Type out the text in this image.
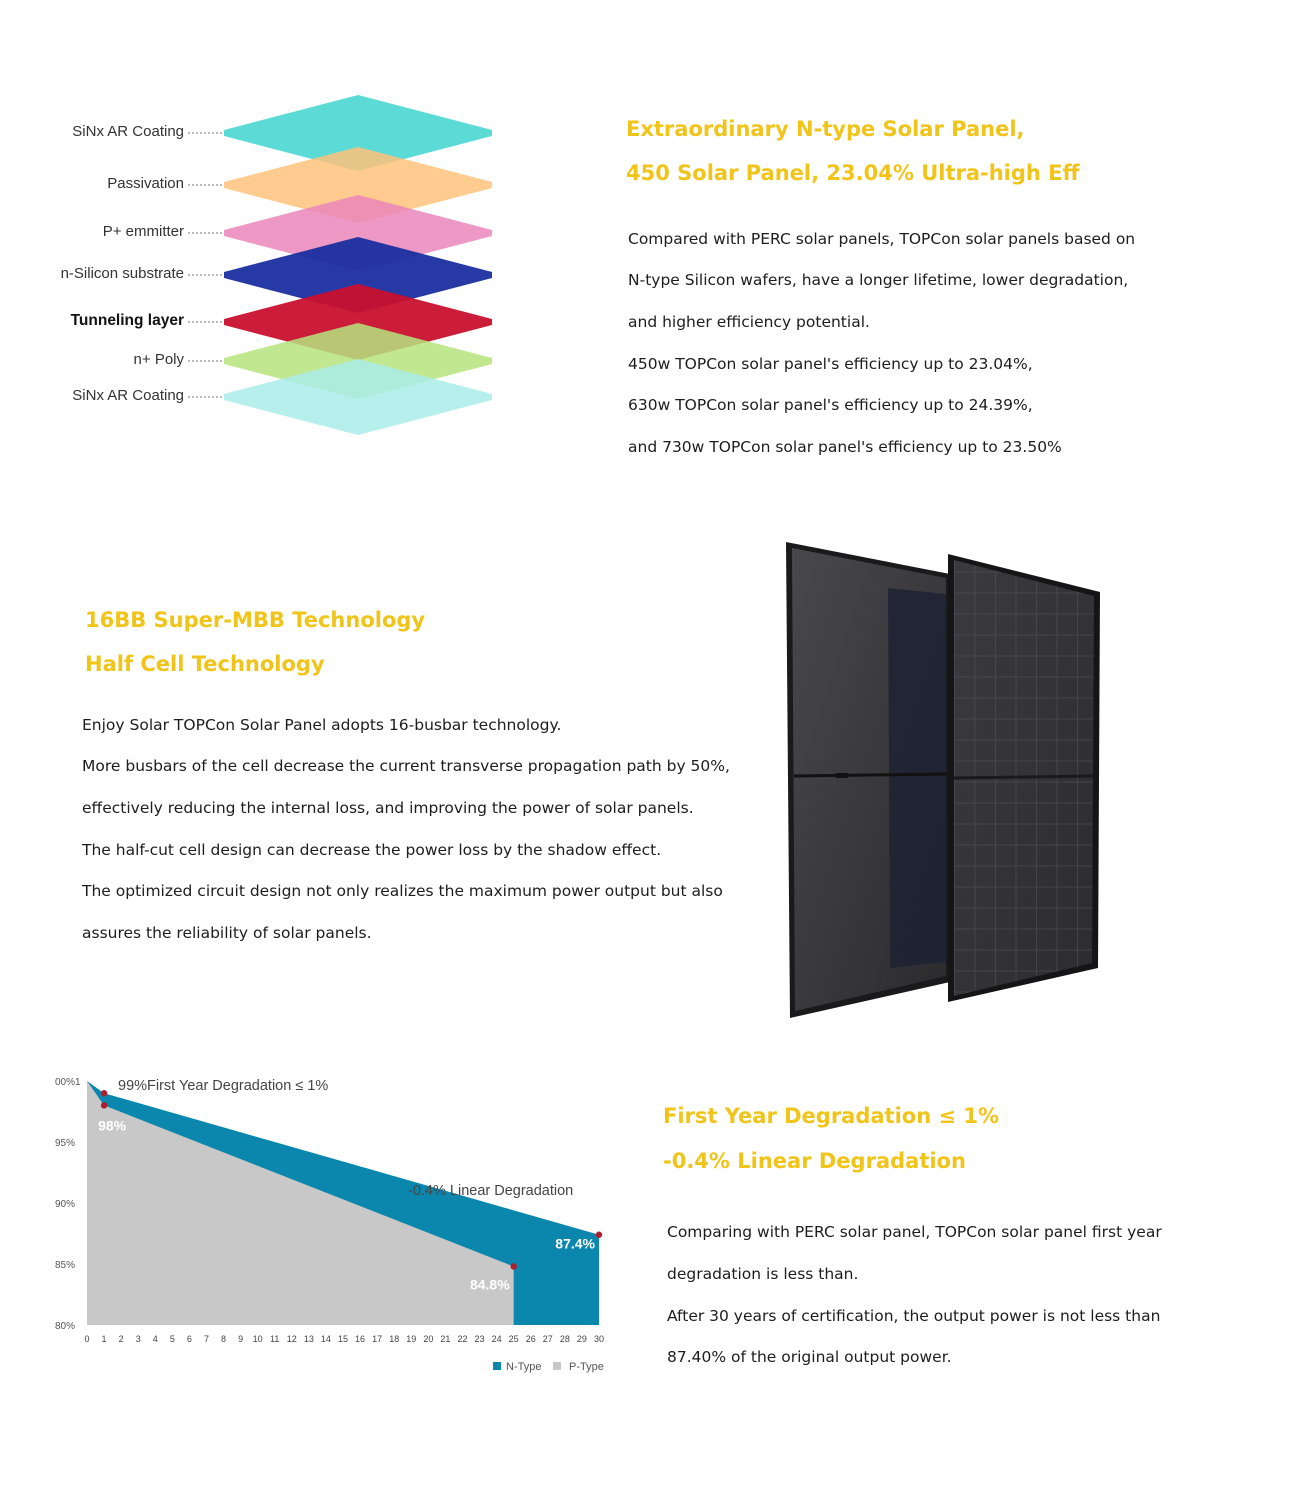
SiNx AR Coating
Passivation
P+ emmitter
n-Silicon substrate
Tunneling layer
n+ Poly
SiNx AR Coating
Extraordinary N-type Solar Panel,
450 Solar Panel, 23.04% Ultra-high Eff

Compared with PERC solar panels, TOPCon solar panels based on

N-type Silicon wafers, have a longer lifetime, lower degradation,

and higher efficiency potential.

450w TOPCon solar panel's efficiency up to 23.04%,

630w TOPCon solar panel's efficiency up to 24.39%,

and 730w TOPCon solar panel's efficiency up to 23.50%

16BB Super-MBB Technology
Half Cell Technology

Enjoy Solar TOPCon Solar Panel adopts 16-busbar technology.

More busbars of the cell decrease the current transverse propagation path by 50%,

effectively reducing the internal loss, and improving the power of solar panels.

The half-cut cell design can decrease the power loss by the shadow effect.

The optimized circuit design not only realizes the maximum power output but also

assures the reliability of solar panels.

00%1
95%
90%
85%
80%
0 1 2 3 4 5 6 7 8 9 10 11 12 13 14 15 16 17 18 19 20 21 22 23 24 25 26 27 28 29 30
99%First Year Degradation ≤ 1%
-0.4% Linear Degradation
98%
87.4%
84.8%
N-Type	P-Type
First Year Degradation ≤ 1%
-0.4% Linear Degradation

Comparing with PERC solar panel, TOPCon solar panel first year

degradation is less than.

After 30 years of certification, the output power is not less than

87.40% of the original output power.
